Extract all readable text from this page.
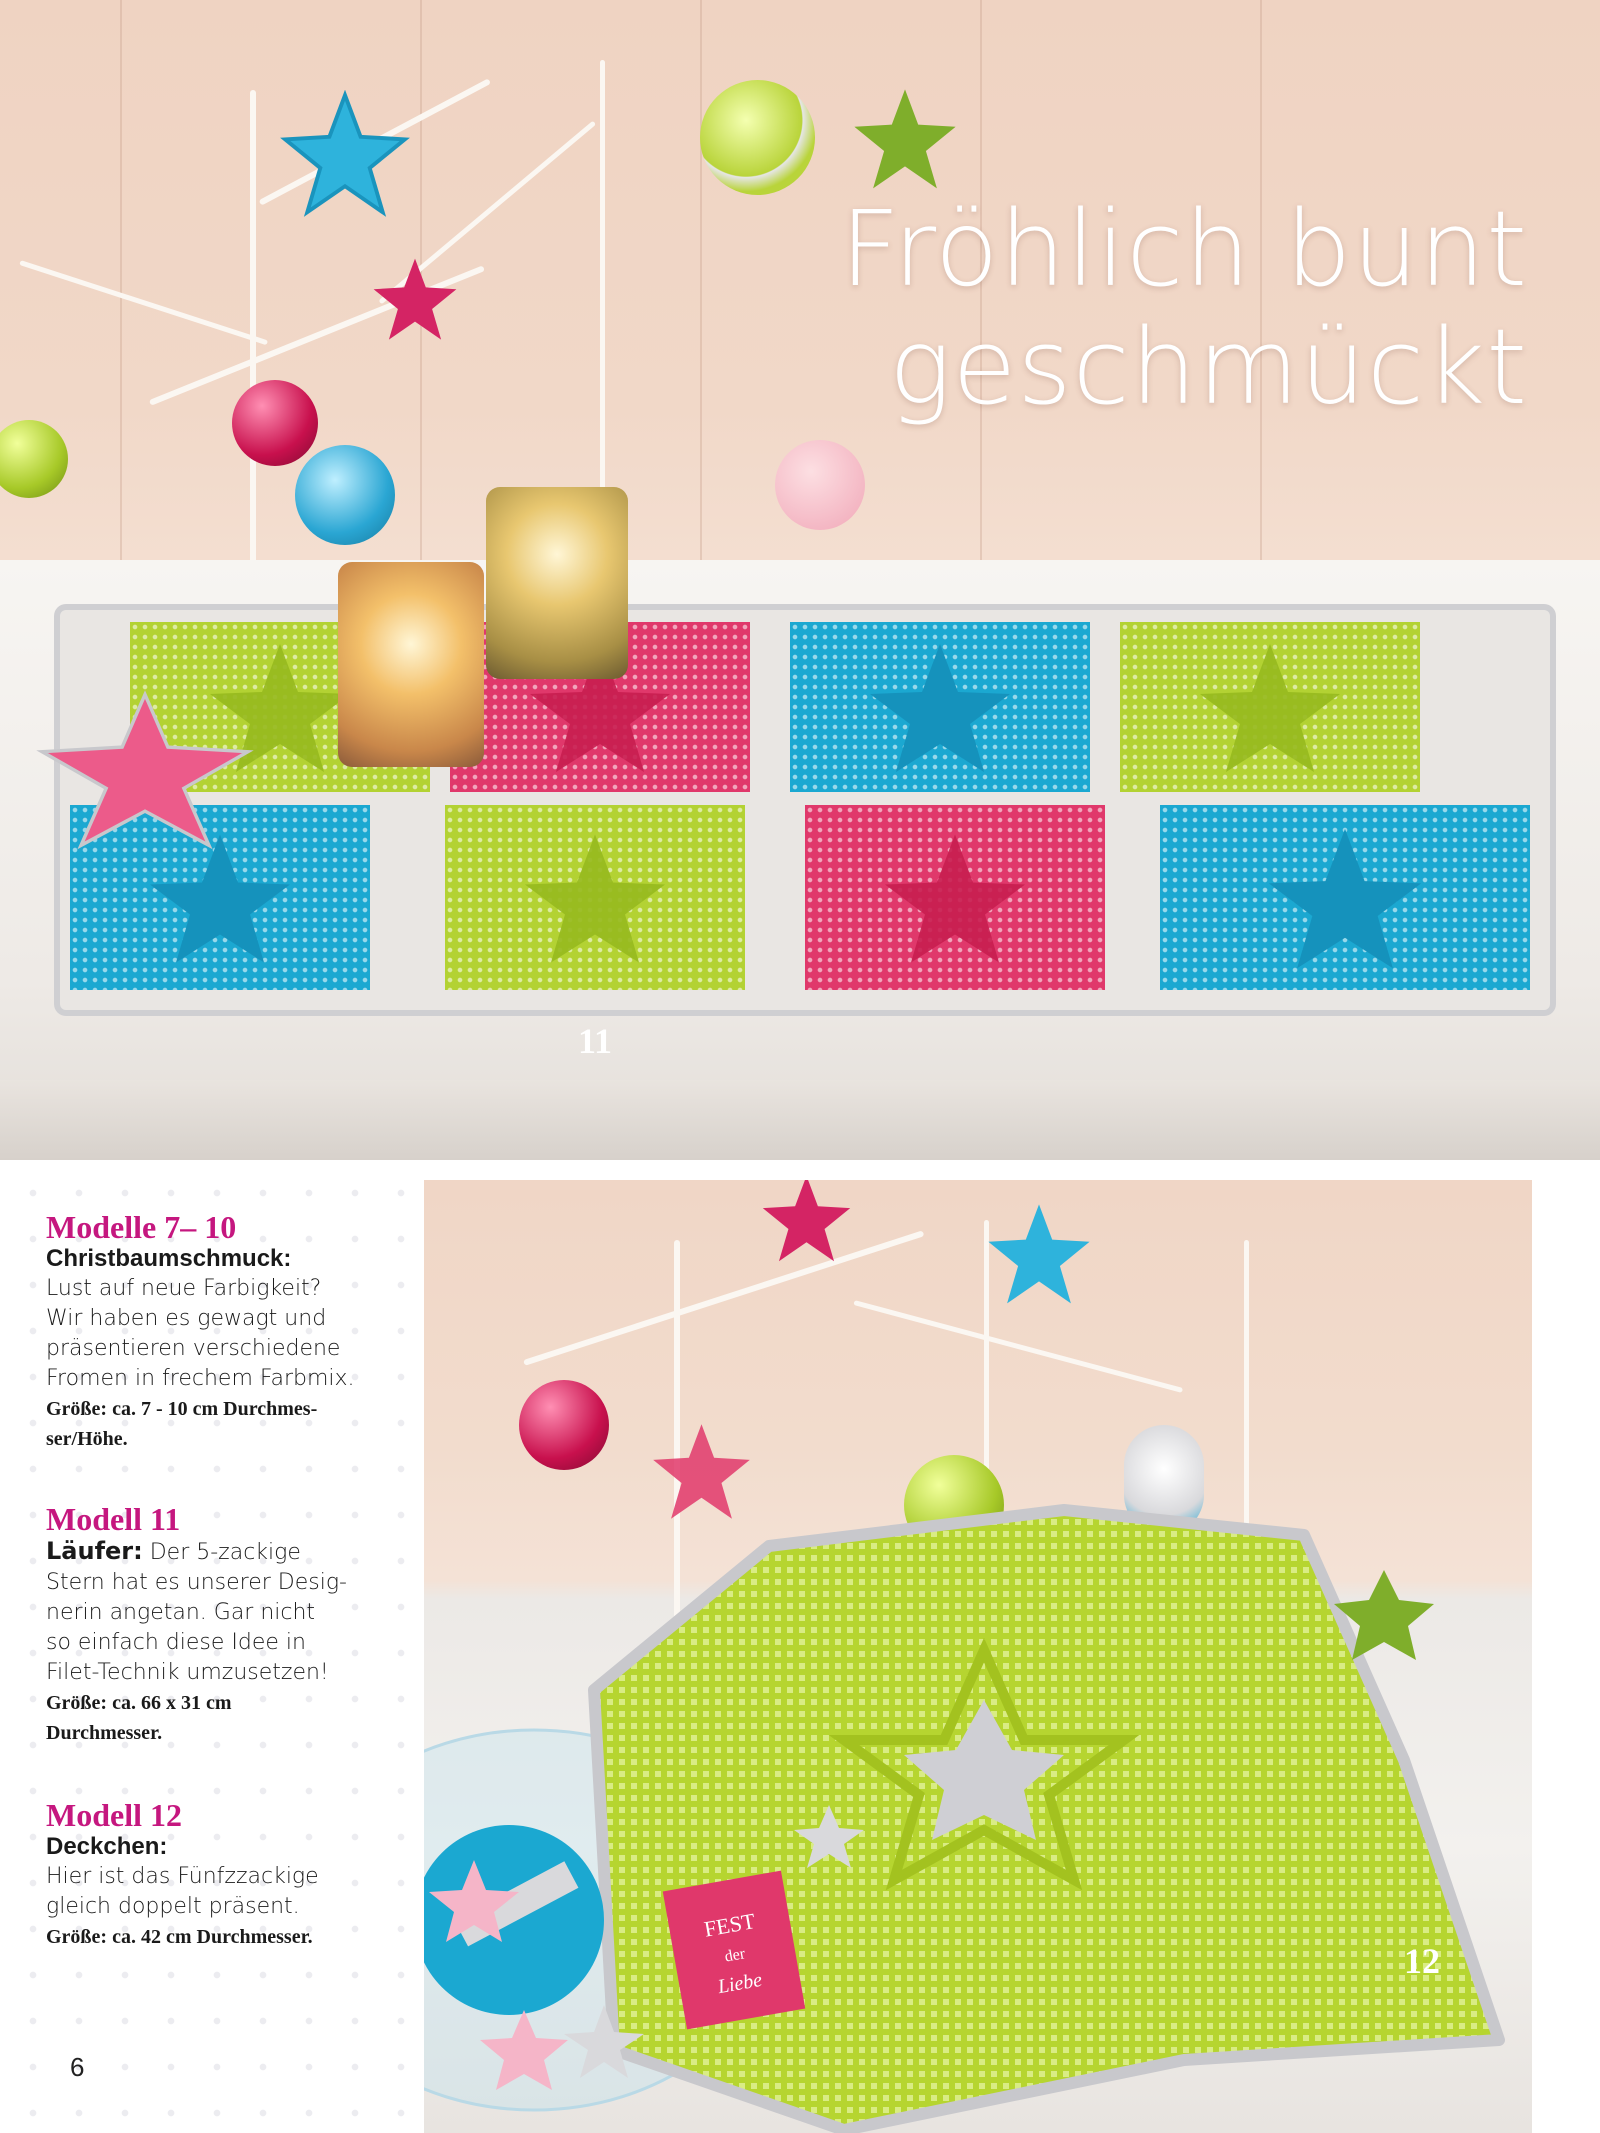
11
Fröhlich bunt
geschmückt
Modelle 7– 10
Christbaumschmuck:
Lust auf neue Farbigkeit?
Wir haben es gewagt und
präsentieren verschiedene
Fromen in frechem Farbmix.
Größe: ca. 7 - 10 cm Durchmes-
ser/Höhe.
Modell 11
Läufer: Der 5-zackige
Stern hat es unserer Desig-
nerin angetan. Gar nicht
so einfach diese Idee in
Filet-Technik umzusetzen!
Größe: ca. 66 x 31 cm
Durchmesser.
Modell 12
Deckchen:
Hier ist das Fünfzzackige
gleich doppelt präsent.
Größe: ca. 42 cm Durchmesser.
6
FEST
der
Liebe
12
